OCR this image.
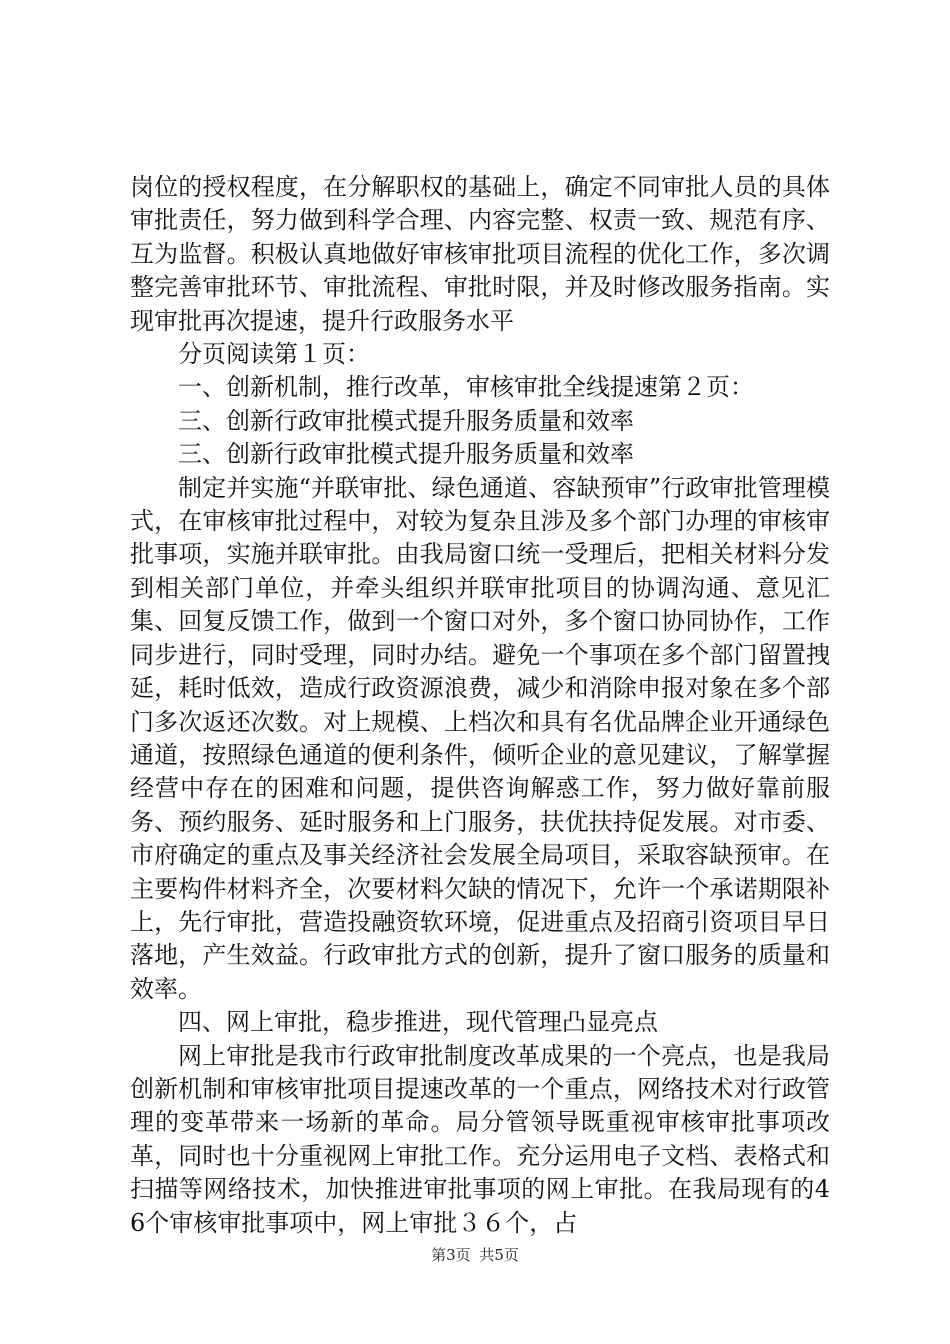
岗位的授权程度，在分解职权的基础上，确定不同审批人员的具体审批责任，努力做到科学合理、内容完整、权责一致、规范有序、互为监督。积极认真地做好审核审批项目流程的优化工作，多次调整完善审批环节、审批流程、审批时限，并及时修改服务指南。实现审批再次提速，提升行政服务水平

分页阅读第１页：

一、创新机制，推行改革，审核审批全线提速第２页：

三、创新行政审批模式提升服务质量和效率

三、创新行政审批模式提升服务质量和效率

制定并实施“并联审批、绿色通道、容缺预审”行政审批管理模式，在审核审批过程中，对较为复杂且涉及多个部门办理的审核审批事项，实施并联审批。由我局窗口统一受理后，把相关材料分发到相关部门单位，并牵头组织并联审批项目的协调沟通、意见汇集、回复反馈工作，做到一个窗口对外，多个窗口协同协作，工作同步进行，同时受理，同时办结。避免一个事项在多个部门留置拽延，耗时低效，造成行政资源浪费，减少和消除申报对象在多个部门多次返还次数。对上规模、上档次和具有名优品牌企业开通绿色通道，按照绿色通道的便利条件，倾听企业的意见建议，了解掌握经营中存在的困难和问题，提供咨询解惑工作，努力做好靠前服务、预约服务、延时服务和上门服务，扶优扶持促发展。对市委、市府确定的重点及事关经济社会发展全局项目，采取容缺预审。在主要构件材料齐全，次要材料欠缺的情况下，允许一个承诺期限补上，先行审批，营造投融资软环境，促进重点及招商引资项目早日落地，产生效益。行政审批方式的创新，提升了窗口服务的质量和效率。

四、网上审批，稳步推进，现代管理凸显亮点

网上审批是我市行政审批制度改革成果的一个亮点，也是我局创新机制和审核审批项目提速改革的一个重点，网络技术对行政管理的变革带来一场新的革命。局分管领导既重视审核审批事项改革，同时也十分重视网上审批工作。充分运用电子文档、表格式和扫描等网络技术，加快推进审批事项的网上审批。在我局现有的46个审核审批事项中，网上审批３６个，占

第3页 共5页
